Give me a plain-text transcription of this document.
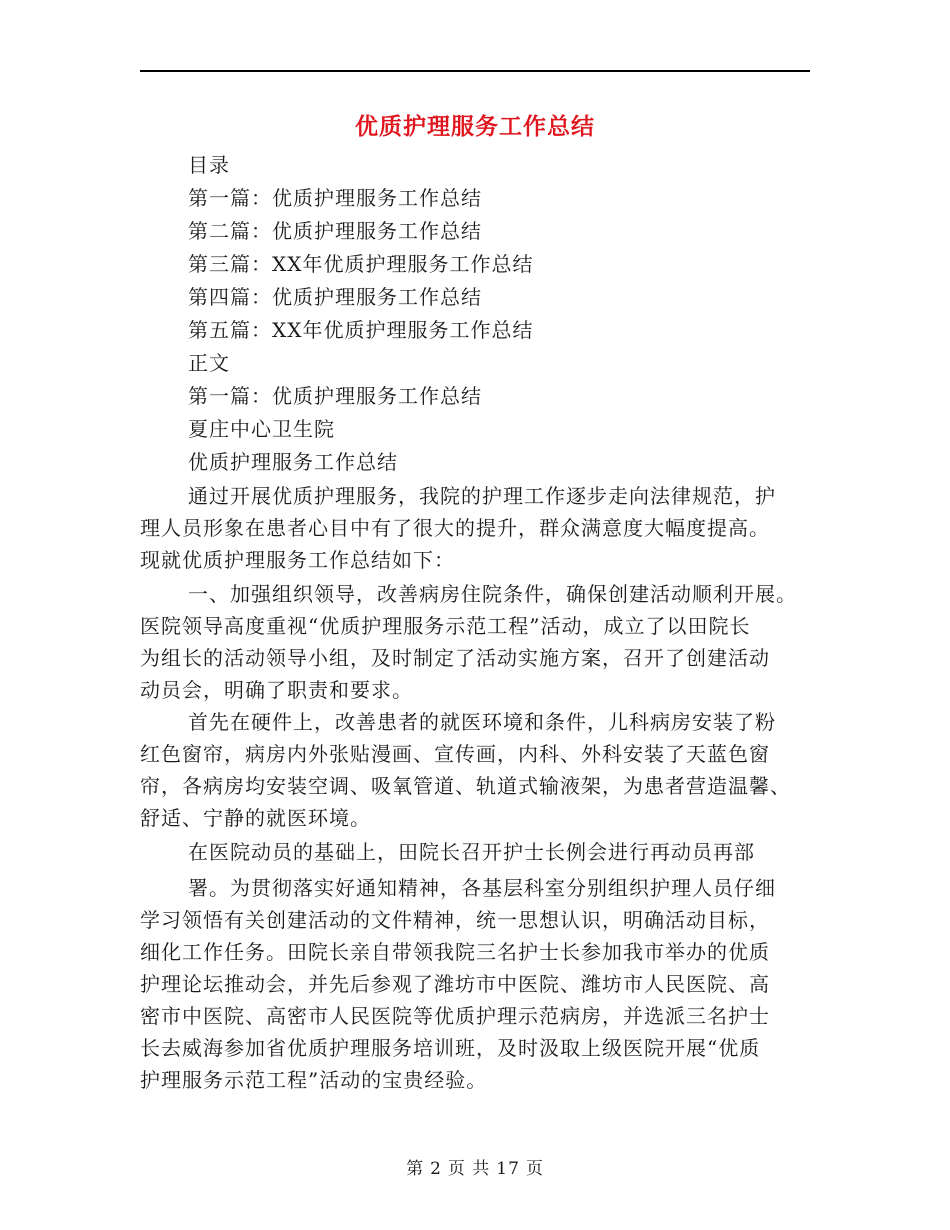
优质护理服务工作总结
目录
第一篇：优质护理服务工作总结
第二篇：优质护理服务工作总结
第三篇：XX年优质护理服务工作总结
第四篇：优质护理服务工作总结
第五篇：XX年优质护理服务工作总结
正文
第一篇：优质护理服务工作总结
夏庄中心卫生院
优质护理服务工作总结
通过开展优质护理服务，我院的护理工作逐步走向法律规范，护
理人员形象在患者心目中有了很大的提升，群众满意度大幅度提高。
现就优质护理服务工作总结如下：
一、加强组织领导，改善病房住院条件，确保创建活动顺利开展。
医院领导高度重视“优质护理服务示范工程”活动，成立了以田院长
为组长的活动领导小组，及时制定了活动实施方案，召开了创建活动
动员会，明确了职责和要求。
首先在硬件上，改善患者的就医环境和条件，儿科病房安装了粉
红色窗帘，病房内外张贴漫画、宣传画，内科、外科安装了天蓝色窗
帘，各病房均安装空调、吸氧管道、轨道式输液架，为患者营造温馨、
舒适、宁静的就医环境。
在医院动员的基础上，田院长召开护士长例会进行再动员再部
署。为贯彻落实好通知精神，各基层科室分别组织护理人员仔细
学习领悟有关创建活动的文件精神，统一思想认识，明确活动目标，
细化工作任务。田院长亲自带领我院三名护士长参加我市举办的优质
护理论坛推动会，并先后参观了潍坊市中医院、潍坊市人民医院、高
密市中医院、高密市人民医院等优质护理示范病房，并选派三名护士
长去威海参加省优质护理服务培训班，及时汲取上级医院开展“优质
护理服务示范工程”活动的宝贵经验。
第 2 页 共 17 页
